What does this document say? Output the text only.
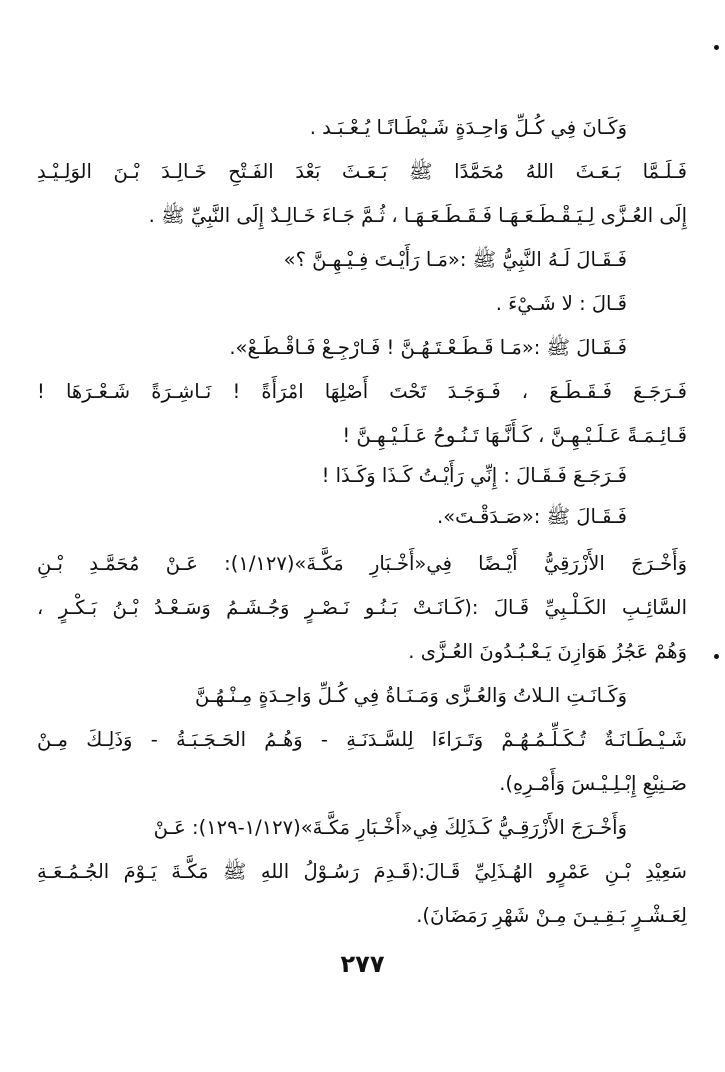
وَكَـانَ فِي كُـلِّ وَاحِـدَةٍ شَـيْطَـانًـا يُـعْـبَـد .
فَـلَـمَّا بَـعَـثَ اللهُ مُحَمَّدًا ﷺ بَـعَـثَ بَعْدَ الفَـتْحِ خَـالِـدَ بْـنَ الوَلِـيْـدِ
إِلَى العُـزَّى لِـيَـقْـطَـعَـهَـا فَـقَـطَـعَـهَـا ، ثُـمَّ جَـاءَ خَـالِـدٌ إِلَى النَّبِيِّ ﷺ .
فَـقَـالَ لَـهُ النَّبِيُّ ﷺ :«مَـا رَأَيْـتَ فِـيْـهِـنَّ ؟»
قَـالَ : لا شَـيْءَ .
فَـقَـالَ ﷺ :«مَـا قَـطَـعْـتَـهُـنَّ ! فَـارْجِـعْ فَـاقْـطَـعْ».
فَـرَجَـعَ فَـقَـطَـعَ ، فَـوَجَـدَ تَحْتَ أَصْلِهَا امْرَأَةً ! نَـاشِـرَةً شَـعْـرَهَا !
قَـائِـمَـةً عَـلَـيْـهِـنَّ ، كَـأَنَّـهَا تَـنُـوحُ عَـلَـيْـهِـنَّ !
فَـرَجَـعَ فَـقَـالَ : إِنِّي رَأَيْـتُ كَـذَا وَكَـذَا !
فَـقَـالَ ﷺ :«صَـدَقْـتَ».
وَأَخْـرَجَ الأَزْرَقِيُّ أَيْـضًا فِي«أَخْـبَارِ مَكَّـةَ»(١/١٢٧): عَـنْ مُحَمَّـدِ بْـنِ
السَّائِـبِ الكَـلْـبِيِّ قَـالَ :(كَـانَـتْ بَـنُـو نَـصْـرٍ وَجُـشَـمُ وَسَـعْـدُ بْـنُ بَـكْـرٍ ،
وَهُمْ عَجُزُ هَوَازِنَ يَـعْـبُـدُونَ العُـزَّى .
وَكَـانَـتِ الـلاتُ وَالعُـزَّى وَمَـنَـاةُ فِي كُـلِّ وَاحِـدَةٍ مِـنْـهُـنَّ
شَـيْـطَـانَـةٌ تُـكَـلِّـمُـهُـمْ وَتَـرَاءَا لِلسَّـدَنَـةِ - وَهُـمُ الحَـجَـبَـةُ - وَذَلِـكَ مِـنْ
صَـنِيْعِ إِبْـلِـيْـسَ وَأَمْـرِهِ).
وَأَخْـرَجَ الأَزْرَقِـيُّ كَـذَلِكَ فِي«أَخْـبَارِ مَكَّـةَ»(١/١٢٧-١٢٩): عَـنْ
سَعِيْدِ بْـنِ عَمْرٍو الهُـذَلِيِّ قَـالَ:(قَـدِمَ رَسُـوْلُ اللهِ ﷺ مَكَّـةَ يَـوْمَ الجُـمُـعَـةِ
لِعَـشْـرٍ بَـقِـيـنَ مِـنْ شَهْرِ رَمَضَانَ).
٢٧٧
